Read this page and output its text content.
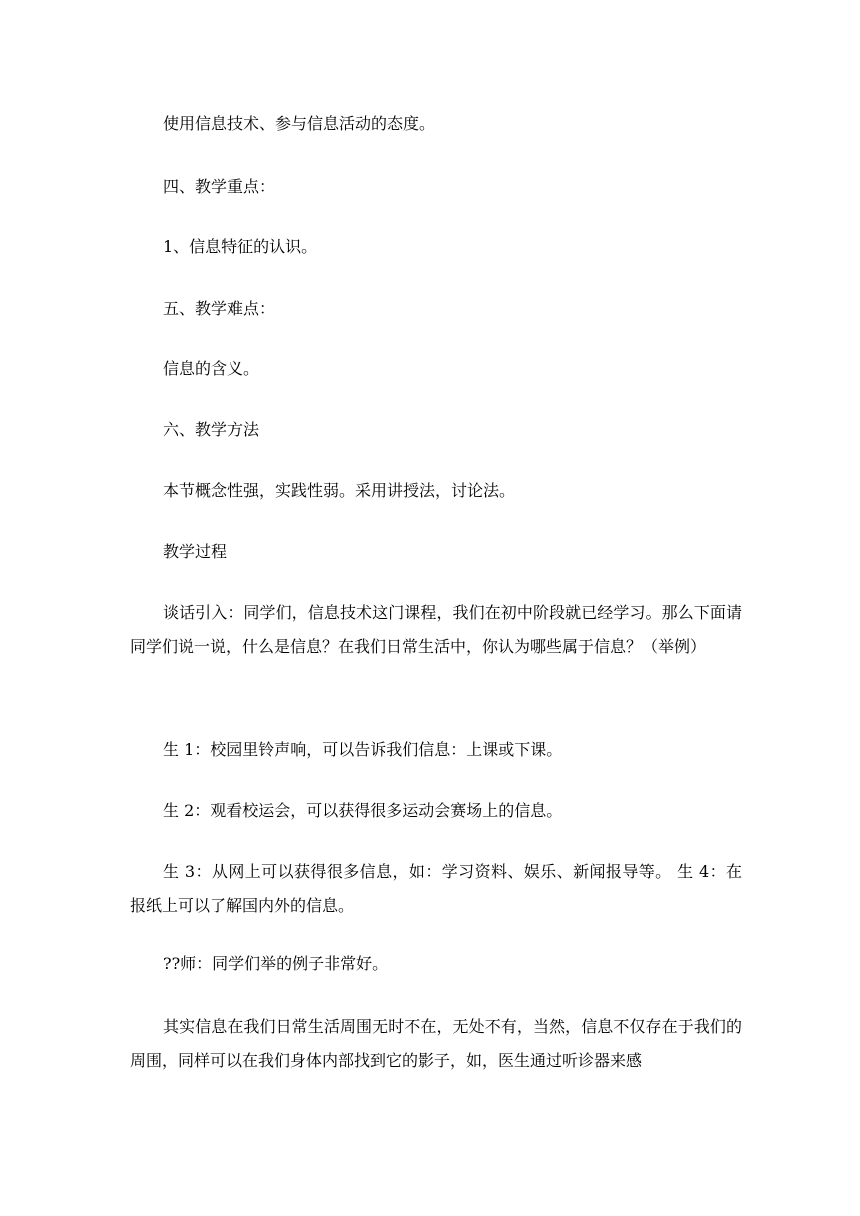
使用信息技术、参与信息活动的态度。
四、教学重点：
1、信息特征的认识。
五、教学难点：
信息的含义。
六、教学方法
本节概念性强，实践性弱。采用讲授法，讨论法。
教学过程
谈话引入：同学们，信息技术这门课程，我们在初中阶段就已经学习。那么下面请同学们说一说，什么是信息？在我们日常生活中，你认为哪些属于信息？（举例）
生 1：校园里铃声响，可以告诉我们信息：上课或下课。
生 2：观看校运会，可以获得很多运动会赛场上的信息。
生 3：从网上可以获得很多信息，如：学习资料、娱乐、新闻报导等。 生 4：在报纸上可以了解国内外的信息。
??师：同学们举的例子非常好。
其实信息在我们日常生活周围无时不在，无处不有，当然，信息不仅存在于我们的周围，同样可以在我们身体内部找到它的影子，如，医生通过听诊器来感
